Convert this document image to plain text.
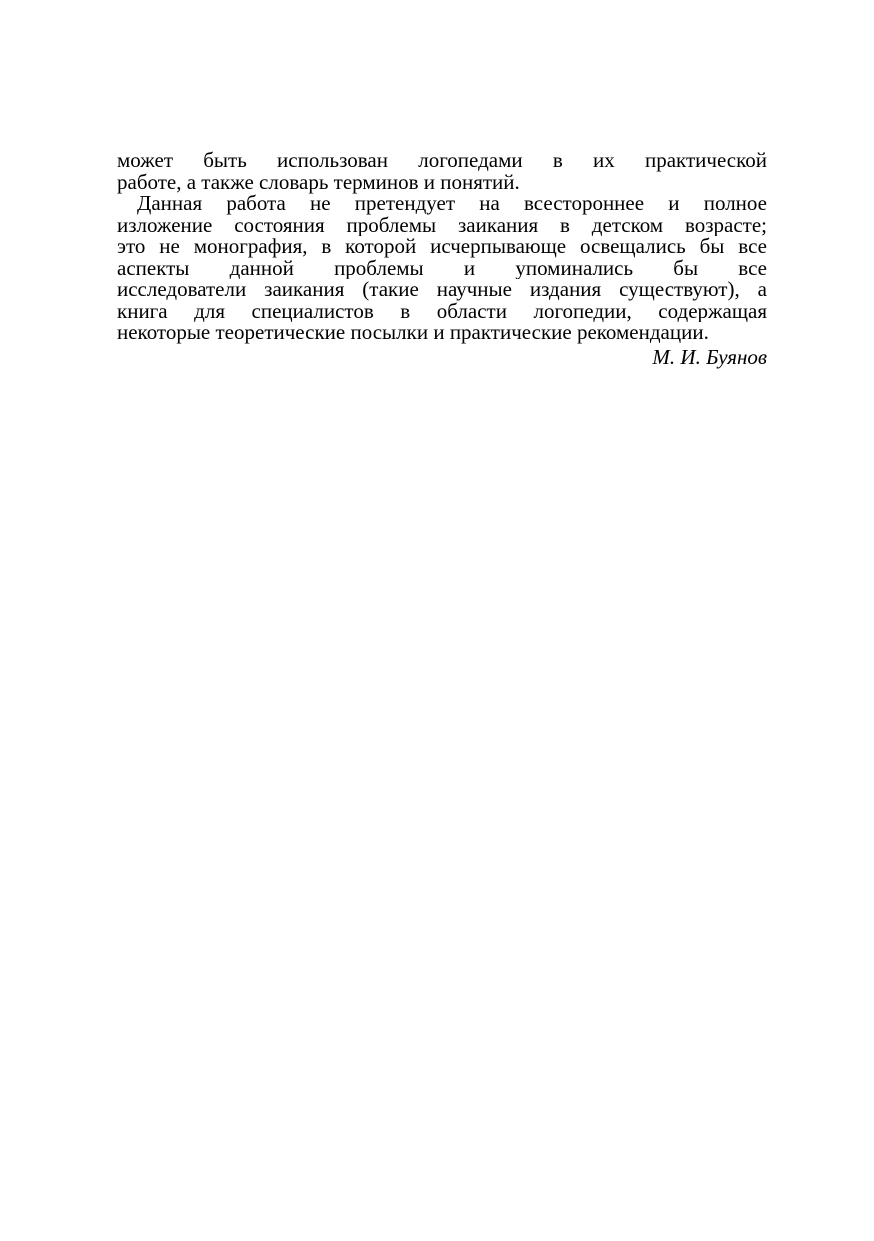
может быть использован логопедами в их практической
работе, а также словарь терминов и понятий.
Данная работа не претендует на всестороннее и полное
изложение состояния проблемы заикания в детском возрасте;
это не монография, в которой исчерпывающе освещались бы все
аспекты данной проблемы и упоминались бы все
исследователи заикания (такие научные издания существуют), а
книга для специалистов в области логопедии, содержащая
некоторые теоретические посылки и практические рекомендации.
М. И. Буянов
